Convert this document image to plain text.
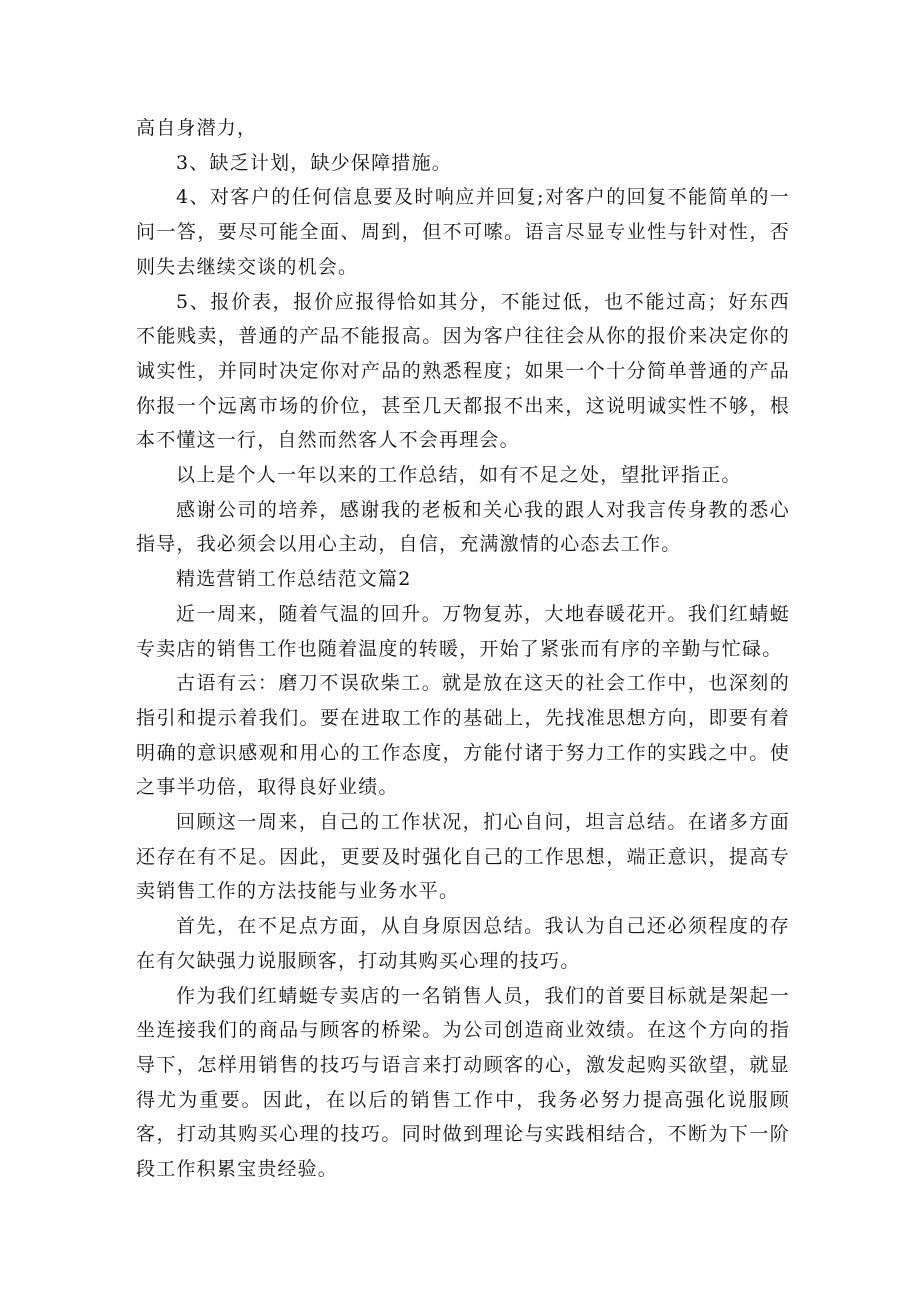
高自身潜力，

3、缺乏计划，缺少保障措施。

4、对客户的任何信息要及时响应并回复;对客户的回复不能简单的一问一答，要尽可能全面、周到，但不可嗦。语言尽显专业性与针对性，否则失去继续交谈的机会。

5、报价表，报价应报得恰如其分，不能过低，也不能过高；好东西不能贱卖，普通的产品不能报高。因为客户往往会从你的报价来决定你的诚实性，并同时决定你对产品的熟悉程度；如果一个十分简单普通的产品你报一个远离市场的价位，甚至几天都报不出来，这说明诚实性不够，根本不懂这一行，自然而然客人不会再理会。

以上是个人一年以来的工作总结，如有不足之处，望批评指正。

感谢公司的培养，感谢我的老板和关心我的跟人对我言传身教的悉心指导，我必须会以用心主动，自信，充满激情的心态去工作。

精选营销工作总结范文篇2

近一周来，随着气温的回升。万物复苏，大地春暖花开。我们红蜻蜓专卖店的销售工作也随着温度的转暖，开始了紧张而有序的辛勤与忙碌。

古语有云：磨刀不误砍柴工。就是放在这天的社会工作中，也深刻的指引和提示着我们。要在进取工作的基础上，先找准思想方向，即要有着明确的意识感观和用心的工作态度，方能付诸于努力工作的实践之中。使之事半功倍，取得良好业绩。

回顾这一周来，自己的工作状况，扪心自问，坦言总结。在诸多方面还存在有不足。因此，更要及时强化自己的工作思想，端正意识，提高专卖销售工作的方法技能与业务水平。

首先，在不足点方面，从自身原因总结。我认为自己还必须程度的存在有欠缺强力说服顾客，打动其购买心理的技巧。

作为我们红蜻蜓专卖店的一名销售人员，我们的首要目标就是架起一坐连接我们的商品与顾客的桥梁。为公司创造商业效绩。在这个方向的指导下，怎样用销售的技巧与语言来打动顾客的心，激发起购买欲望，就显得尤为重要。因此，在以后的销售工作中，我务必努力提高强化说服顾客，打动其购买心理的技巧。同时做到理论与实践相结合，不断为下一阶段工作积累宝贵经验。
